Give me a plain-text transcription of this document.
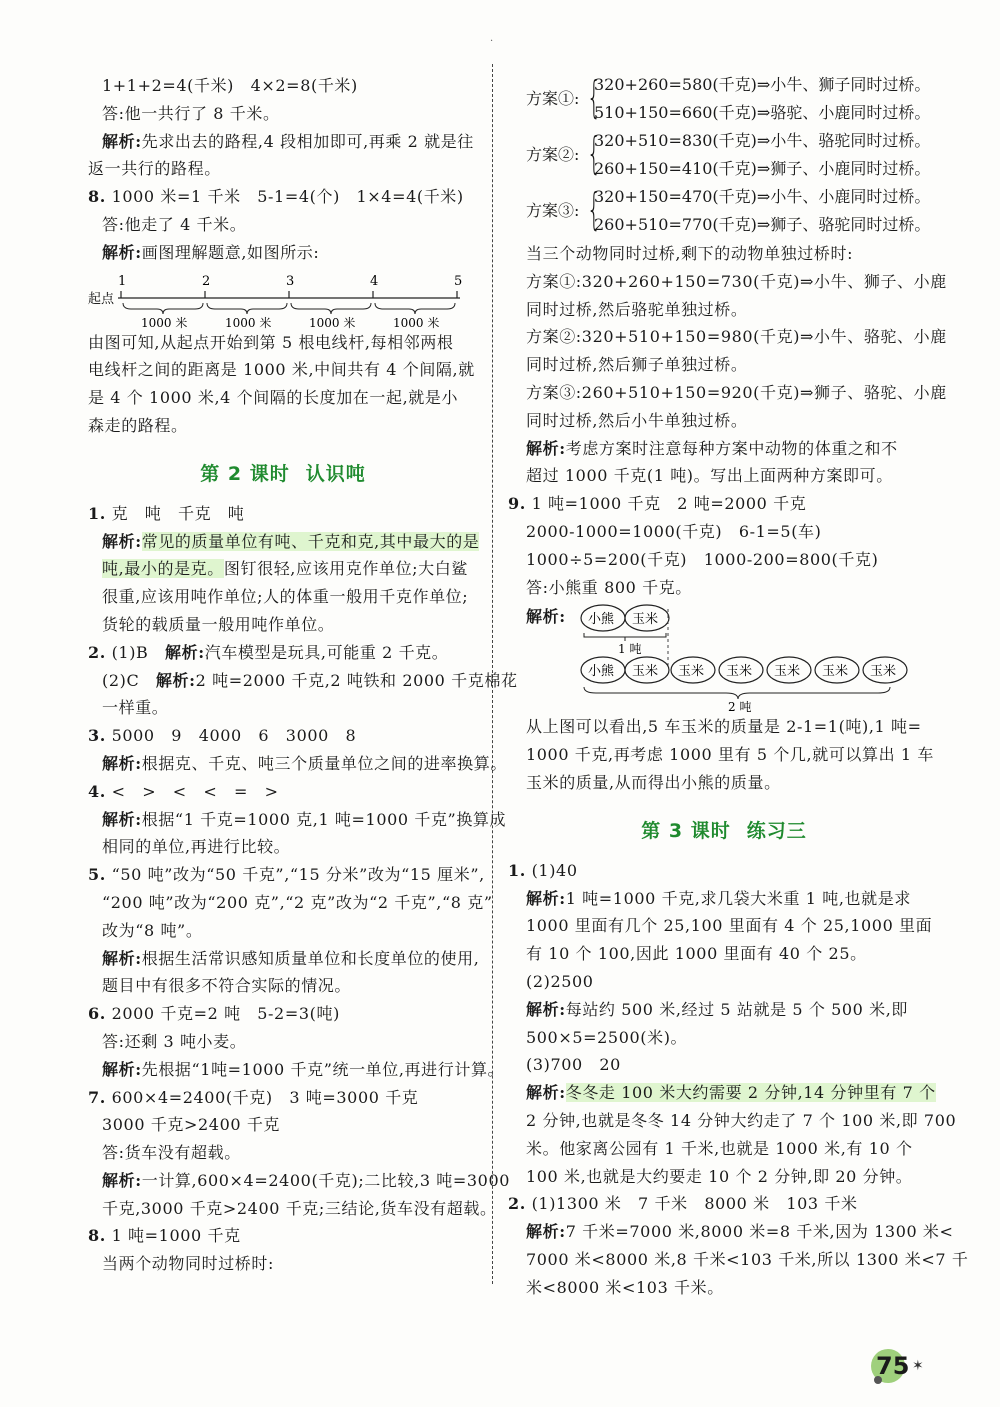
·
1+1+2=4(千米)　4×2=8(千米)
答:他一共行了 8 千米。
解析:先求出去的路程,4 段相加即可,再乘 2 就是往
返一共行的路程。
8. 1000 米=1 千米　5-1=4(个)　1×4=4(千米)
答:他走了 4 千米。
解析:画图理解题意,如图所示:
起点
1	2	3	4	5
1000 米	1000 米	1000 米	1000 米
由图可知,从起点开始到第 5 根电线杆,每相邻两根
电线杆之间的距离是 1000 米,中间共有 4 个间隔,就
是 4 个 1000 米,4 个间隔的长度加在一起,就是小
森走的路程。
第 2 课时 认识吨
1. 克　吨　千克　吨
解析:常见的质量单位有吨、千克和克,其中最大的是
吨,最小的是克。图钉很轻,应该用克作单位;大白鲨
很重,应该用吨作单位;人的体重一般用千克作单位;
货轮的载质量一般用吨作单位。
2. (1)B　解析:汽车模型是玩具,可能重 2 千克。
(2)C　解析:2 吨=2000 千克,2 吨铁和 2000 千克棉花
一样重。
3. 5000　9　4000　6　3000　8
解析:根据克、千克、吨三个质量单位之间的进率换算。
4. <　>　<　<　=　>
解析:根据“1 千克=1000 克,1 吨=1000 千克”换算成
相同的单位,再进行比较。
5. “50 吨”改为“50 千克”,“15 分米”改为“15 厘米”,
“200 吨”改为“200 克”,“2 克”改为“2 千克”,“8 克”
改为“8 吨”。
解析:根据生活常识感知质量单位和长度单位的使用,
题目中有很多不符合实际的情况。
6. 2000 千克=2 吨　5-2=3(吨)
答:还剩 3 吨小麦。
解析:先根据“1吨=1000 千克”统一单位,再进行计算。
7. 600×4=2400(千克)　3 吨=3000 千克
3000 千克>2400 千克
答:货车没有超载。
解析:一计算,600×4=2400(千克);二比较,3 吨=3000
千克,3000 千克>2400 千克;三结论,货车没有超载。
8. 1 吨=1000 千克
当两个动物同时过桥时:
方案①: {
320+260=580(千克)⇒小牛、狮子同时过桥。
510+150=660(千克)⇒骆驼、小鹿同时过桥。
方案②: {
320+510=830(千克)⇒小牛、骆驼同时过桥。
260+150=410(千克)⇒狮子、小鹿同时过桥。
方案③: {
320+150=470(千克)⇒小牛、小鹿同时过桥。
260+510=770(千克)⇒狮子、骆驼同时过桥。
当三个动物同时过桥,剩下的动物单独过桥时:
方案①:320+260+150=730(千克)⇒小牛、狮子、小鹿
同时过桥,然后骆驼单独过桥。
方案②:320+510+150=980(千克)⇒小牛、骆驼、小鹿
同时过桥,然后狮子单独过桥。
方案③:260+510+150=920(千克)⇒狮子、骆驼、小鹿
同时过桥,然后小牛单独过桥。
解析:考虑方案时注意每种方案中动物的体重之和不
超过 1000 千克(1 吨)。写出上面两种方案即可。
9. 1 吨=1000 千克　2 吨=2000 千克
2000-1000=1000(千克)　6-1=5(车)
1000÷5=200(千克)　1000-200=800(千克)
答:小熊重 800 千克。
解析: 小熊 玉米
1 吨
小熊 玉米 玉米 玉米 玉米 玉米 玉米
2 吨
从上图可以看出,5 车玉米的质量是 2-1=1(吨),1 吨=
1000 千克,再考虑 1000 里有 5 个几,就可以算出 1 车
玉米的质量,从而得出小熊的质量。
第 3 课时 练习三
1. (1)40
解析:1 吨=1000 千克,求几袋大米重 1 吨,也就是求
1000 里面有几个 25,100 里面有 4 个 25,1000 里面
有 10 个 100,因此 1000 里面有 40 个 25。
(2)2500
解析:每站约 500 米,经过 5 站就是 5 个 500 米,即
500×5=2500(米)。
(3)700　20
解析:冬冬走 100 米大约需要 2 分钟,14 分钟里有 7 个
2 分钟,也就是冬冬 14 分钟大约走了 7 个 100 米,即 700
米。他家离公园有 1 千米,也就是 1000 米,有 10 个
100 米,也就是大约要走 10 个 2 分钟,即 20 分钟。
2. (1)1300 米　7 千米　8000 米　103 千米
解析:7 千米=7000 米,8000 米=8 千米,因为 1300 米<
7000 米<8000 米,8 千米<103 千米,所以 1300 米<7 千
米<8000 米<103 千米。
✶
75
